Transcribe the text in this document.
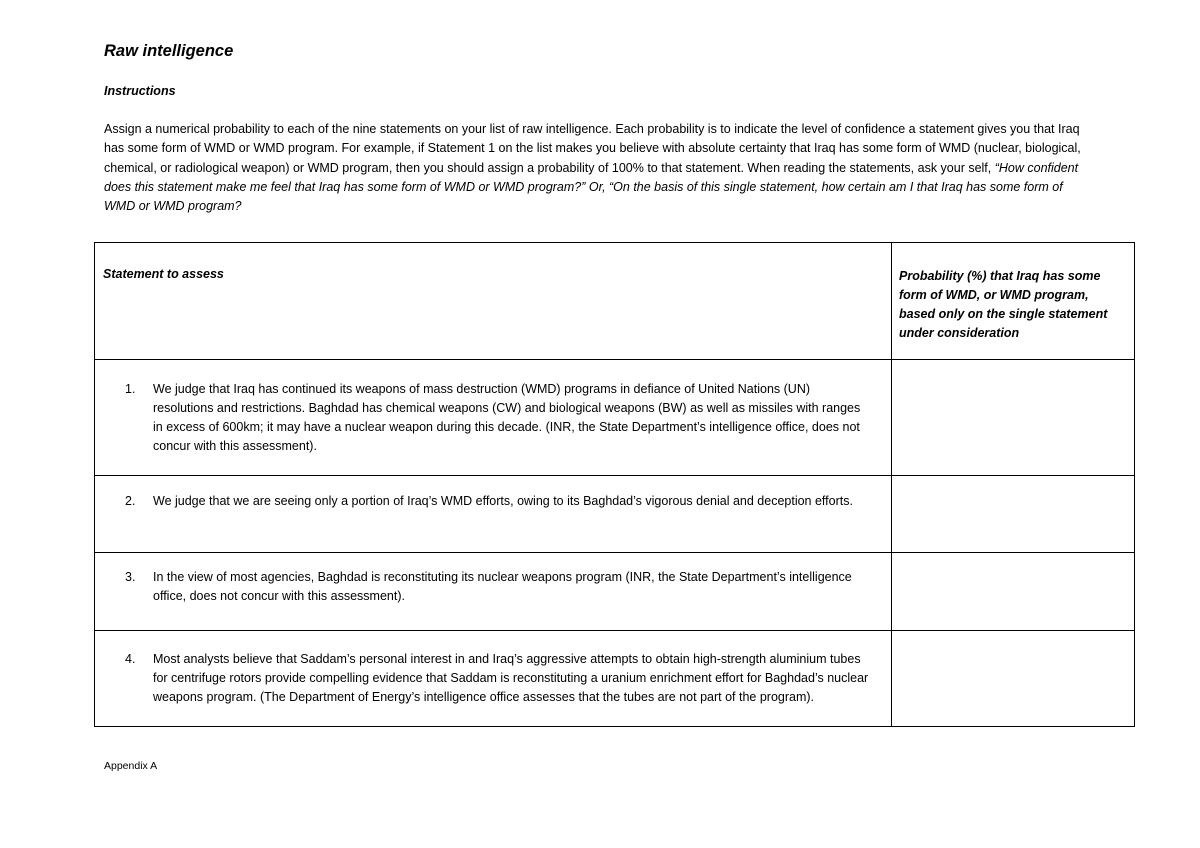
Raw intelligence
Instructions

Assign a numerical probability to each of the nine statements on your list of raw intelligence. Each probability is to indicate the level of confidence a statement gives you that Iraq has some form of WMD or WMD program. For example, if Statement 1 on the list makes you believe with absolute certainty that Iraq has some form of WMD (nuclear, biological, chemical, or radiological weapon) or WMD program, then you should assign a probability of 100% to that statement. When reading the statements, ask your self, “How confident does this statement make me feel that Iraq has some form of WMD or WMD program?” Or, “On the basis of this single statement, how certain am I that Iraq has some form of WMD or WMD program?

Statement to assess	Probability (%) that Iraq has some form of WMD, or WMD program, based only on the single statement under consideration

1. We judge that Iraq has continued its weapons of mass destruction (WMD) programs in defiance of United Nations (UN) resolutions and restrictions. Baghdad has chemical weapons (CW) and biological weapons (BW) as well as missiles with ranges in excess of 600km; it may have a nuclear weapon during this decade. (INR, the State Department’s intelligence office, does not concur with this assessment).	

2. We judge that we are seeing only a portion of Iraq’s WMD efforts, owing to its Baghdad’s vigorous denial and deception efforts.	

3. In the view of most agencies, Baghdad is reconstituting its nuclear weapons program (INR, the State Department’s intelligence office, does not concur with this assessment).	

4. Most analysts believe that Saddam’s personal interest in and Iraq’s aggressive attempts to obtain high-strength aluminium tubes for centrifuge rotors provide compelling evidence that Saddam is reconstituting a uranium enrichment effort for Baghdad’s nuclear weapons program. (The Department of Energy’s intelligence office assesses that the tubes are not part of the program).	

Appendix A
